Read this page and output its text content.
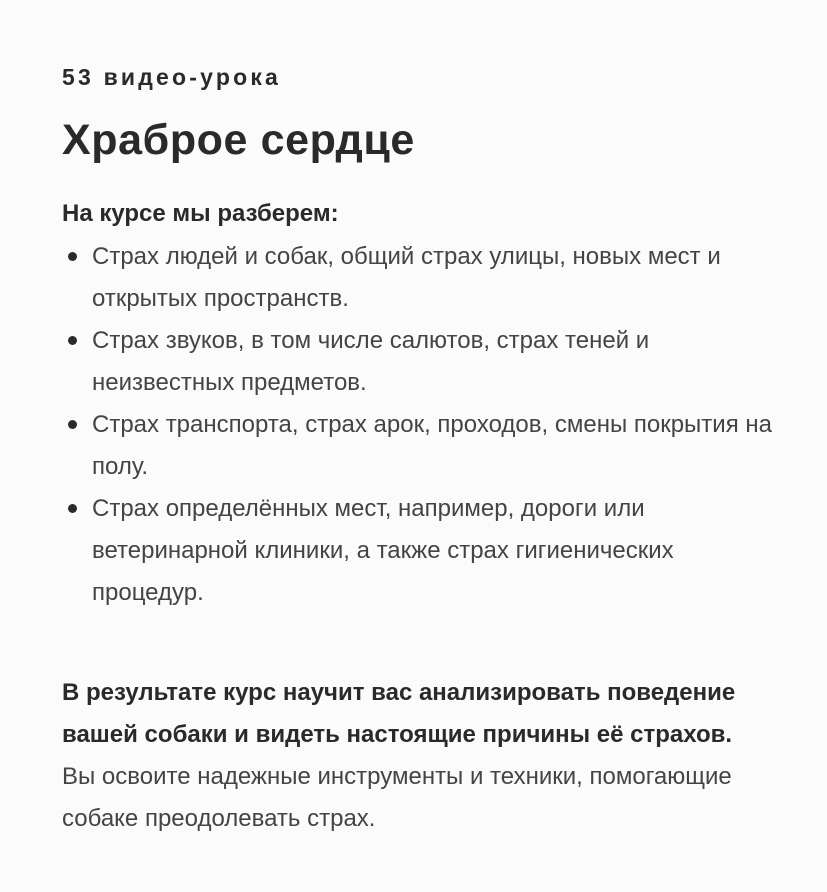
53 видео-урока
Храброе сердце
На курсе мы разберем:
Страх людей и собак, общий страх улицы, новых мест и открытых пространств.
Страх звуков, в том числе салютов, страх теней и неизвестных предметов.
Страх транспорта, страх арок, проходов, смены покрытия на полу.
Страх определённых мест, например, дороги или ветеринарной клиники, а также страх гигиенических процедур.

В результате курс научит вас анализировать поведение вашей собаки и видеть настоящие причины её страхов. Вы освоите надежные инструменты и техники, помогающие собаке преодолевать страх.
